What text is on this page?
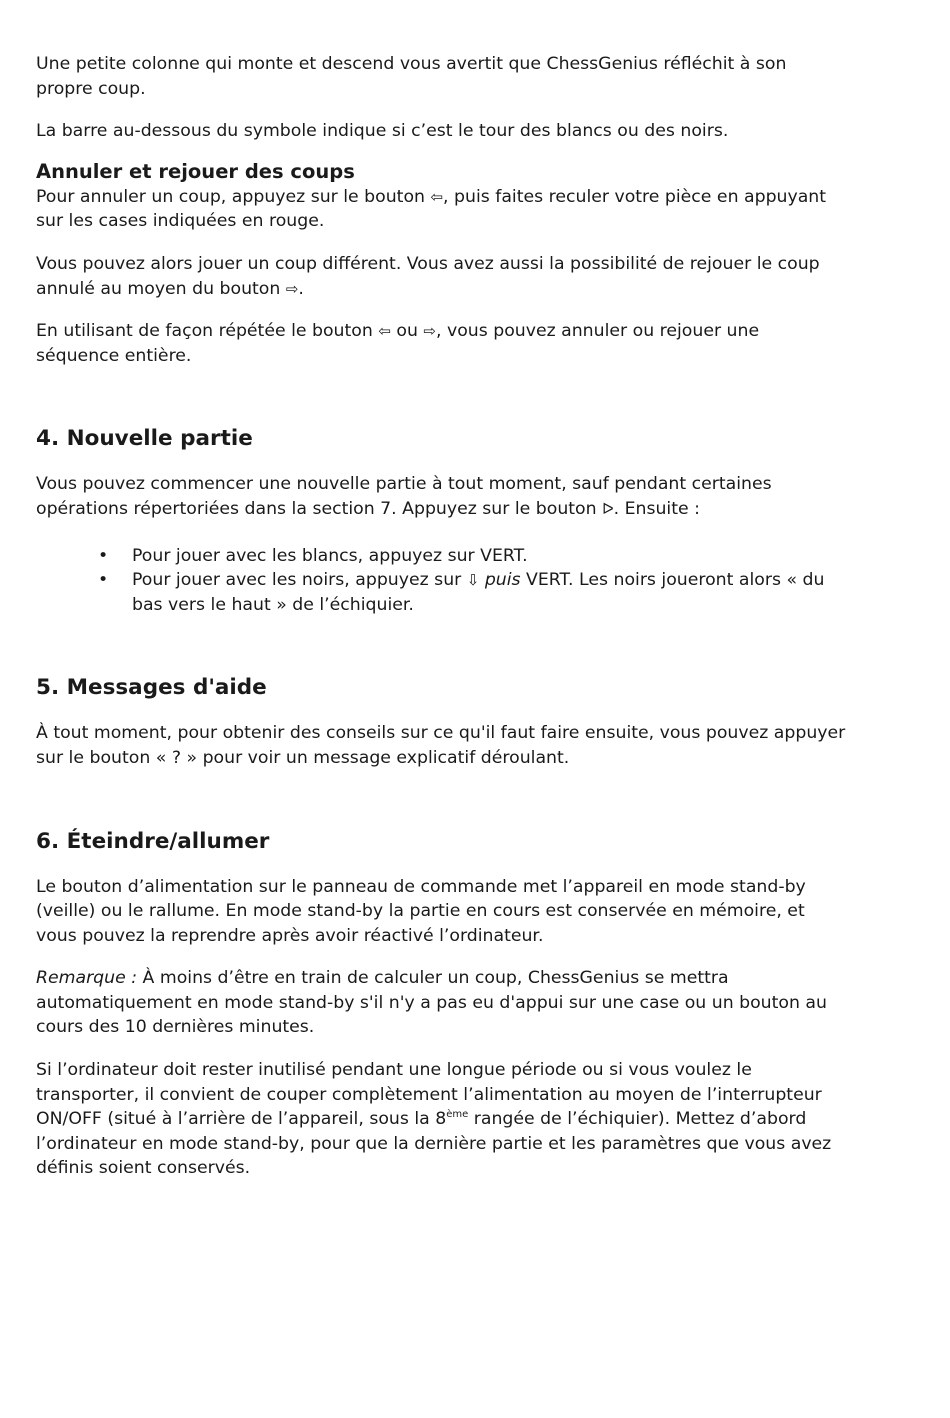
Une petite colonne qui monte et descend vous avertit que ChessGenius réfléchit à son propre coup.

La barre au-dessous du symbole indique si c’est le tour des blancs ou des noirs.

Annuler et rejouer des coups

Pour annuler un coup, appuyez sur le bouton ⇦, puis faites reculer votre pièce en appuyant sur les cases indiquées en rouge.

Vous pouvez alors jouer un coup différent. Vous avez aussi la possibilité de rejouer le coup annulé au moyen du bouton ⇨.

En utilisant de façon répétée le bouton ⇦ ou ⇨, vous pouvez annuler ou rejouer une séquence entière.

4. Nouvelle partie

Vous pouvez commencer une nouvelle partie à tout moment, sauf pendant certaines opérations répertoriées dans la section 7. Appuyez sur le bouton ᐅ. Ensuite :

• Pour jouer avec les blancs, appuyez sur VERT.
• Pour jouer avec les noirs, appuyez sur ⇩ puis VERT. Les noirs joueront alors « du bas vers le haut » de l’échiquier.
5. Messages d'aide

À tout moment, pour obtenir des conseils sur ce qu'il faut faire ensuite, vous pouvez appuyer sur le bouton « ? » pour voir un message explicatif déroulant.

6. Éteindre/allumer

Le bouton d’alimentation sur le panneau de commande met l’appareil en mode stand-by (veille) ou le rallume. En mode stand-by la partie en cours est conservée en mémoire, et vous pouvez la reprendre après avoir réactivé l’ordinateur.

Remarque : À moins d’être en train de calculer un coup, ChessGenius se mettra automatiquement en mode stand-by s'il n'y a pas eu d'appui sur une case ou un bouton au cours des 10 dernières minutes.

Si l’ordinateur doit rester inutilisé pendant une longue période ou si vous voulez le transporter, il convient de couper complètement l’alimentation au moyen de l’interrupteur ON/OFF (situé à l’arrière de l’appareil, sous la 8ème rangée de l’échiquier). Mettez d’abord l’ordinateur en mode stand-by, pour que la dernière partie et les paramètres que vous avez définis soient conservés.
